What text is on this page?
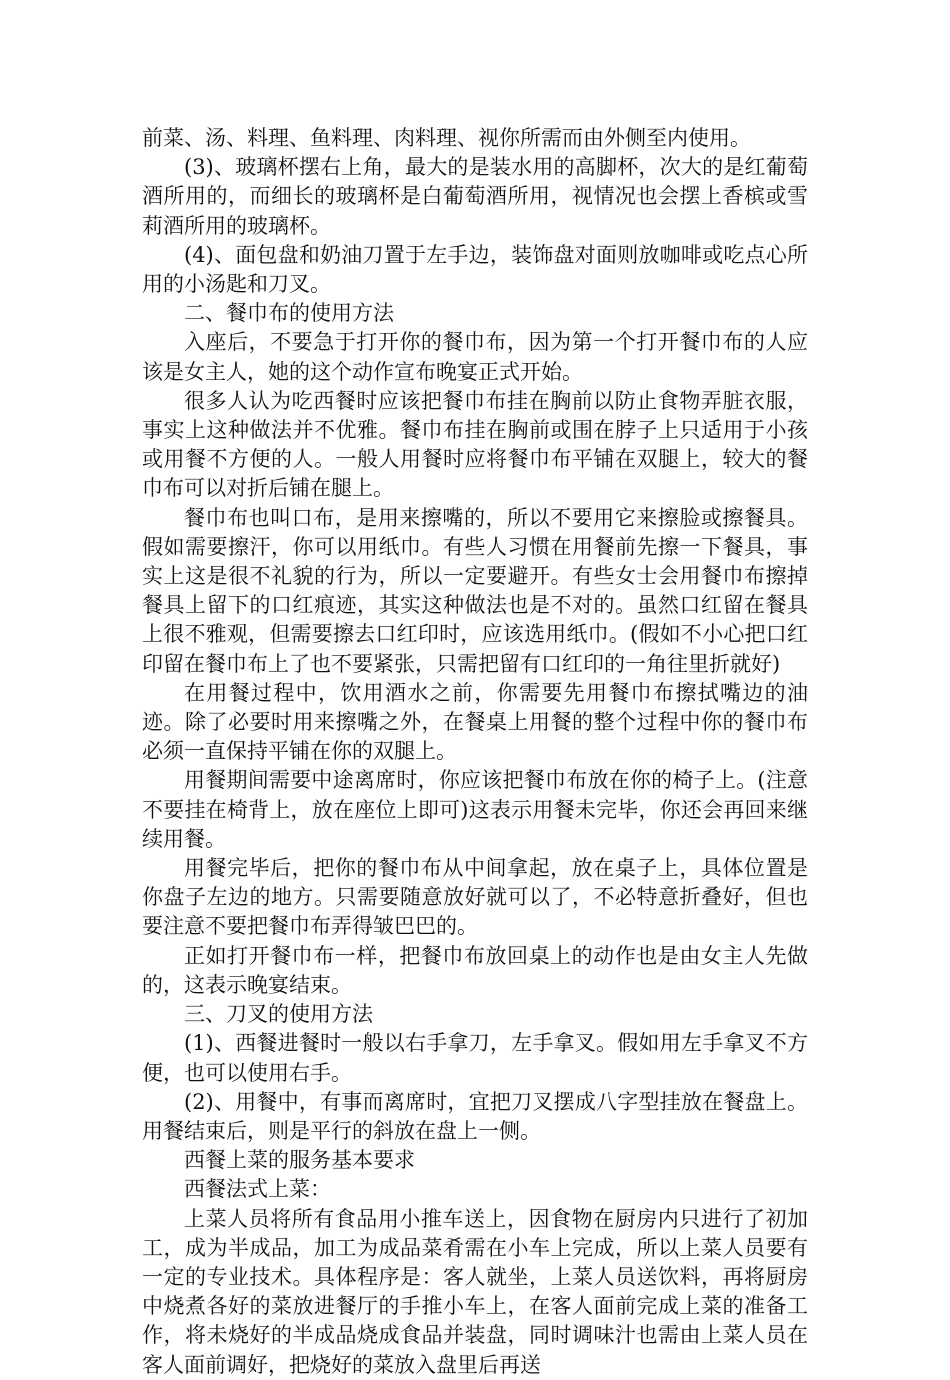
前菜、汤、料理、鱼料理、肉料理、视你所需而由外侧至内使用。

(3)、玻璃杯摆右上角，最大的是装水用的高脚杯，次大的是红葡萄酒所用的，而细长的玻璃杯是白葡萄酒所用，视情况也会摆上香槟或雪莉酒所用的玻璃杯。

(4)、面包盘和奶油刀置于左手边，装饰盘对面则放咖啡或吃点心所用的小汤匙和刀叉。

二、餐巾布的使用方法

入座后，不要急于打开你的餐巾布，因为第一个打开餐巾布的人应该是女主人，她的这个动作宣布晚宴正式开始。

很多人认为吃西餐时应该把餐巾布挂在胸前以防止食物弄脏衣服，事实上这种做法并不优雅。餐巾布挂在胸前或围在脖子上只适用于小孩或用餐不方便的人。一般人用餐时应将餐巾布平铺在双腿上，较大的餐巾布可以对折后铺在腿上。

餐巾布也叫口布，是用来擦嘴的，所以不要用它来擦脸或擦餐具。假如需要擦汗，你可以用纸巾。有些人习惯在用餐前先擦一下餐具，事实上这是很不礼貌的行为，所以一定要避开。有些女士会用餐巾布擦掉餐具上留下的口红痕迹，其实这种做法也是不对的。虽然口红留在餐具上很不雅观，但需要擦去口红印时，应该选用纸巾。(假如不小心把口红印留在餐巾布上了也不要紧张，只需把留有口红印的一角往里折就好)

在用餐过程中，饮用酒水之前，你需要先用餐巾布擦拭嘴边的油迹。除了必要时用来擦嘴之外，在餐桌上用餐的整个过程中你的餐巾布必须一直保持平铺在你的双腿上。

用餐期间需要中途离席时，你应该把餐巾布放在你的椅子上。(注意不要挂在椅背上，放在座位上即可)这表示用餐未完毕，你还会再回来继续用餐。

用餐完毕后，把你的餐巾布从中间拿起，放在桌子上，具体位置是你盘子左边的地方。只需要随意放好就可以了，不必特意折叠好，但也要注意不要把餐巾布弄得皱巴巴的。

正如打开餐巾布一样，把餐巾布放回桌上的动作也是由女主人先做的，这表示晚宴结束。

三、刀叉的使用方法

(1)、西餐进餐时一般以右手拿刀，左手拿叉。假如用左手拿叉不方便，也可以使用右手。

(2)、用餐中，有事而离席时，宜把刀叉摆成八字型挂放在餐盘上。用餐结束后，则是平行的斜放在盘上一侧。

西餐上菜的服务基本要求

西餐法式上菜：

上菜人员将所有食品用小推车送上，因食物在厨房内只进行了初加工，成为半成品，加工为成品菜肴需在小车上完成，所以上菜人员要有一定的专业技术。具体程序是：客人就坐，上菜人员送饮料，再将厨房中烧煮各好的菜放进餐厅的手推小车上，在客人面前完成上菜的准备工作，将未烧好的半成品烧成食品并装盘，同时调味汁也需由上菜人员在客人面前调好，把烧好的菜放入盘里后再送
